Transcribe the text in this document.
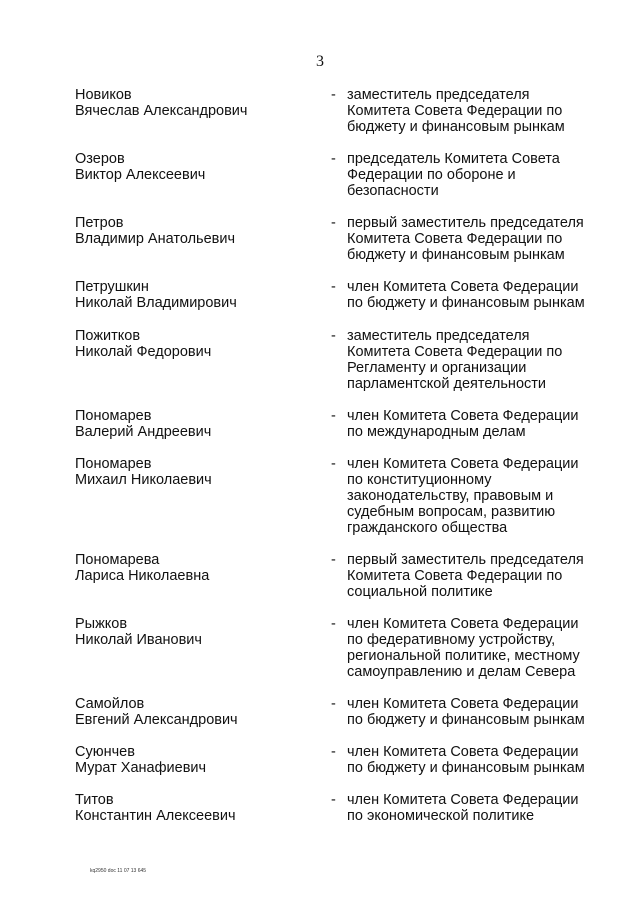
3
Новиков
Вячеслав Александрович
- заместитель председателя
Комитета Совета Федерации по
бюджету и финансовым рынкам
Озеров
Виктор Алексеевич
- председатель Комитета Совета
Федерации по обороне и
безопасности
Петров
Владимир Анатольевич
- первый заместитель председателя
Комитета Совета Федерации по
бюджету и финансовым рынкам
Петрушкин
Николай Владимирович
- член Комитета Совета Федерации
по бюджету и финансовым рынкам
Пожитков
Николай Федорович
- заместитель председателя
Комитета Совета Федерации по
Регламенту и организации
парламентской деятельности
Пономарев
Валерий Андреевич
- член Комитета Совета Федерации
по международным делам
Пономарев
Михаил Николаевич
- член Комитета Совета Федерации
по конституционному
законодательству, правовым и
судебным вопросам, развитию
гражданского общества
Пономарева
Лариса Николаевна
- первый заместитель председателя
Комитета Совета Федерации по
социальной политике
Рыжков
Николай Иванович
- член Комитета Совета Федерации
по федеративному устройству,
региональной политике, местному
самоуправлению и делам Севера
Самойлов
Евгений Александрович
- член Комитета Совета Федерации
по бюджету и финансовым рынкам
Суюнчев
Мурат Ханафиевич
- член Комитета Совета Федерации
по бюджету и финансовым рынкам
Титов
Константин Алексеевич
- член Комитета Совета Федерации
по экономической политике
kq2950 doc 11 07 13 645
